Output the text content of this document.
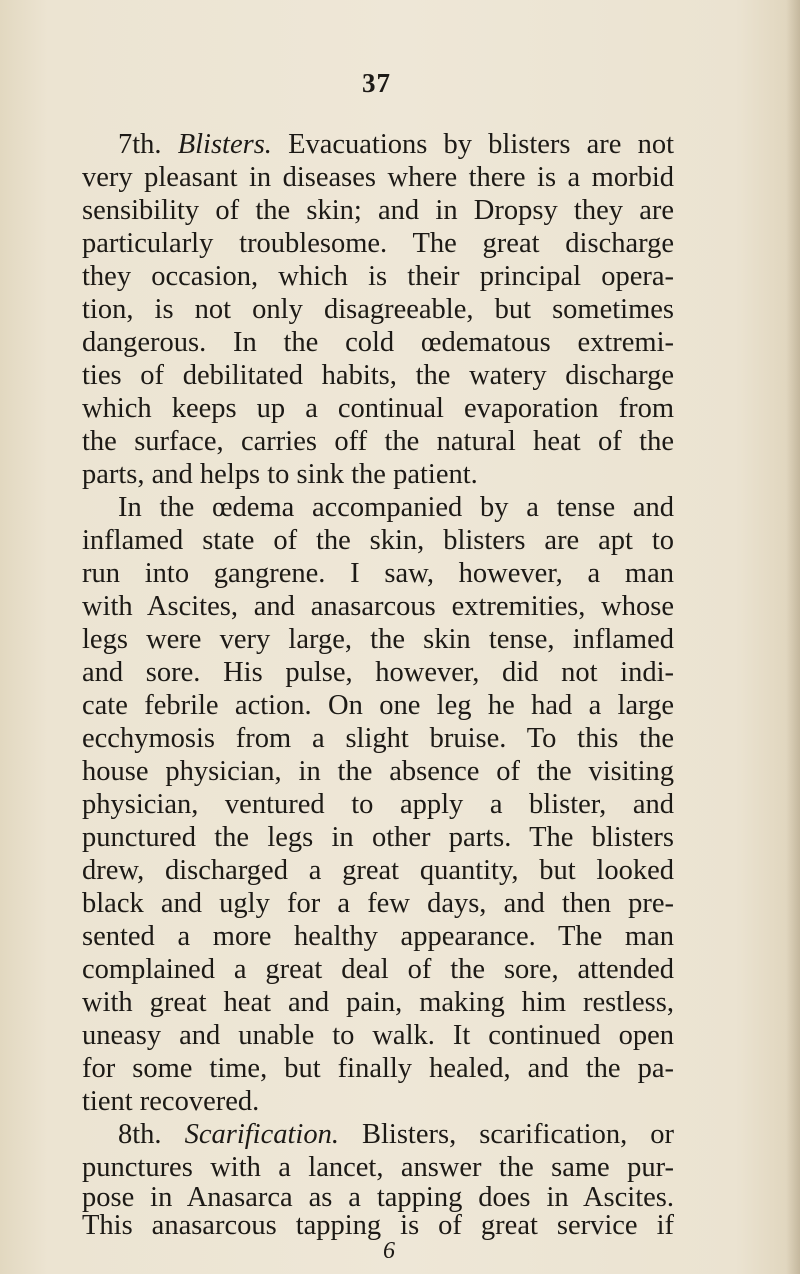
37
7th. Blisters. Evacuations by blisters are not
very pleasant in diseases where there is a morbid
sensibility of the skin; and in Dropsy they are
particularly troublesome. The great discharge
they occasion, which is their principal opera-
tion, is not only disagreeable, but sometimes
dangerous. In the cold œdematous extremi-
ties of debilitated habits, the watery discharge
which keeps up a continual evaporation from
the surface, carries off the natural heat of the
parts, and helps to sink the patient.
In the œdema accompanied by a tense and
inflamed state of the skin, blisters are apt to
run into gangrene. I saw, however, a man
with Ascites, and anasarcous extremities, whose
legs were very large, the skin tense, inflamed
and sore. His pulse, however, did not indi-
cate febrile action. On one leg he had a large
ecchymosis from a slight bruise. To this the
house physician, in the absence of the visiting
physician, ventured to apply a blister, and
punctured the legs in other parts. The blisters
drew, discharged a great quantity, but looked
black and ugly for a few days, and then pre-
sented a more healthy appearance. The man
complained a great deal of the sore, attended
with great heat and pain, making him restless,
uneasy and unable to walk. It continued open
for some time, but finally healed, and the pa-
tient recovered.
8th. Scarification. Blisters, scarification, or
punctures with a lancet, answer the same pur-
pose in Anasarca as a tapping does in Ascites.
This anasarcous tapping is of great service if
6
